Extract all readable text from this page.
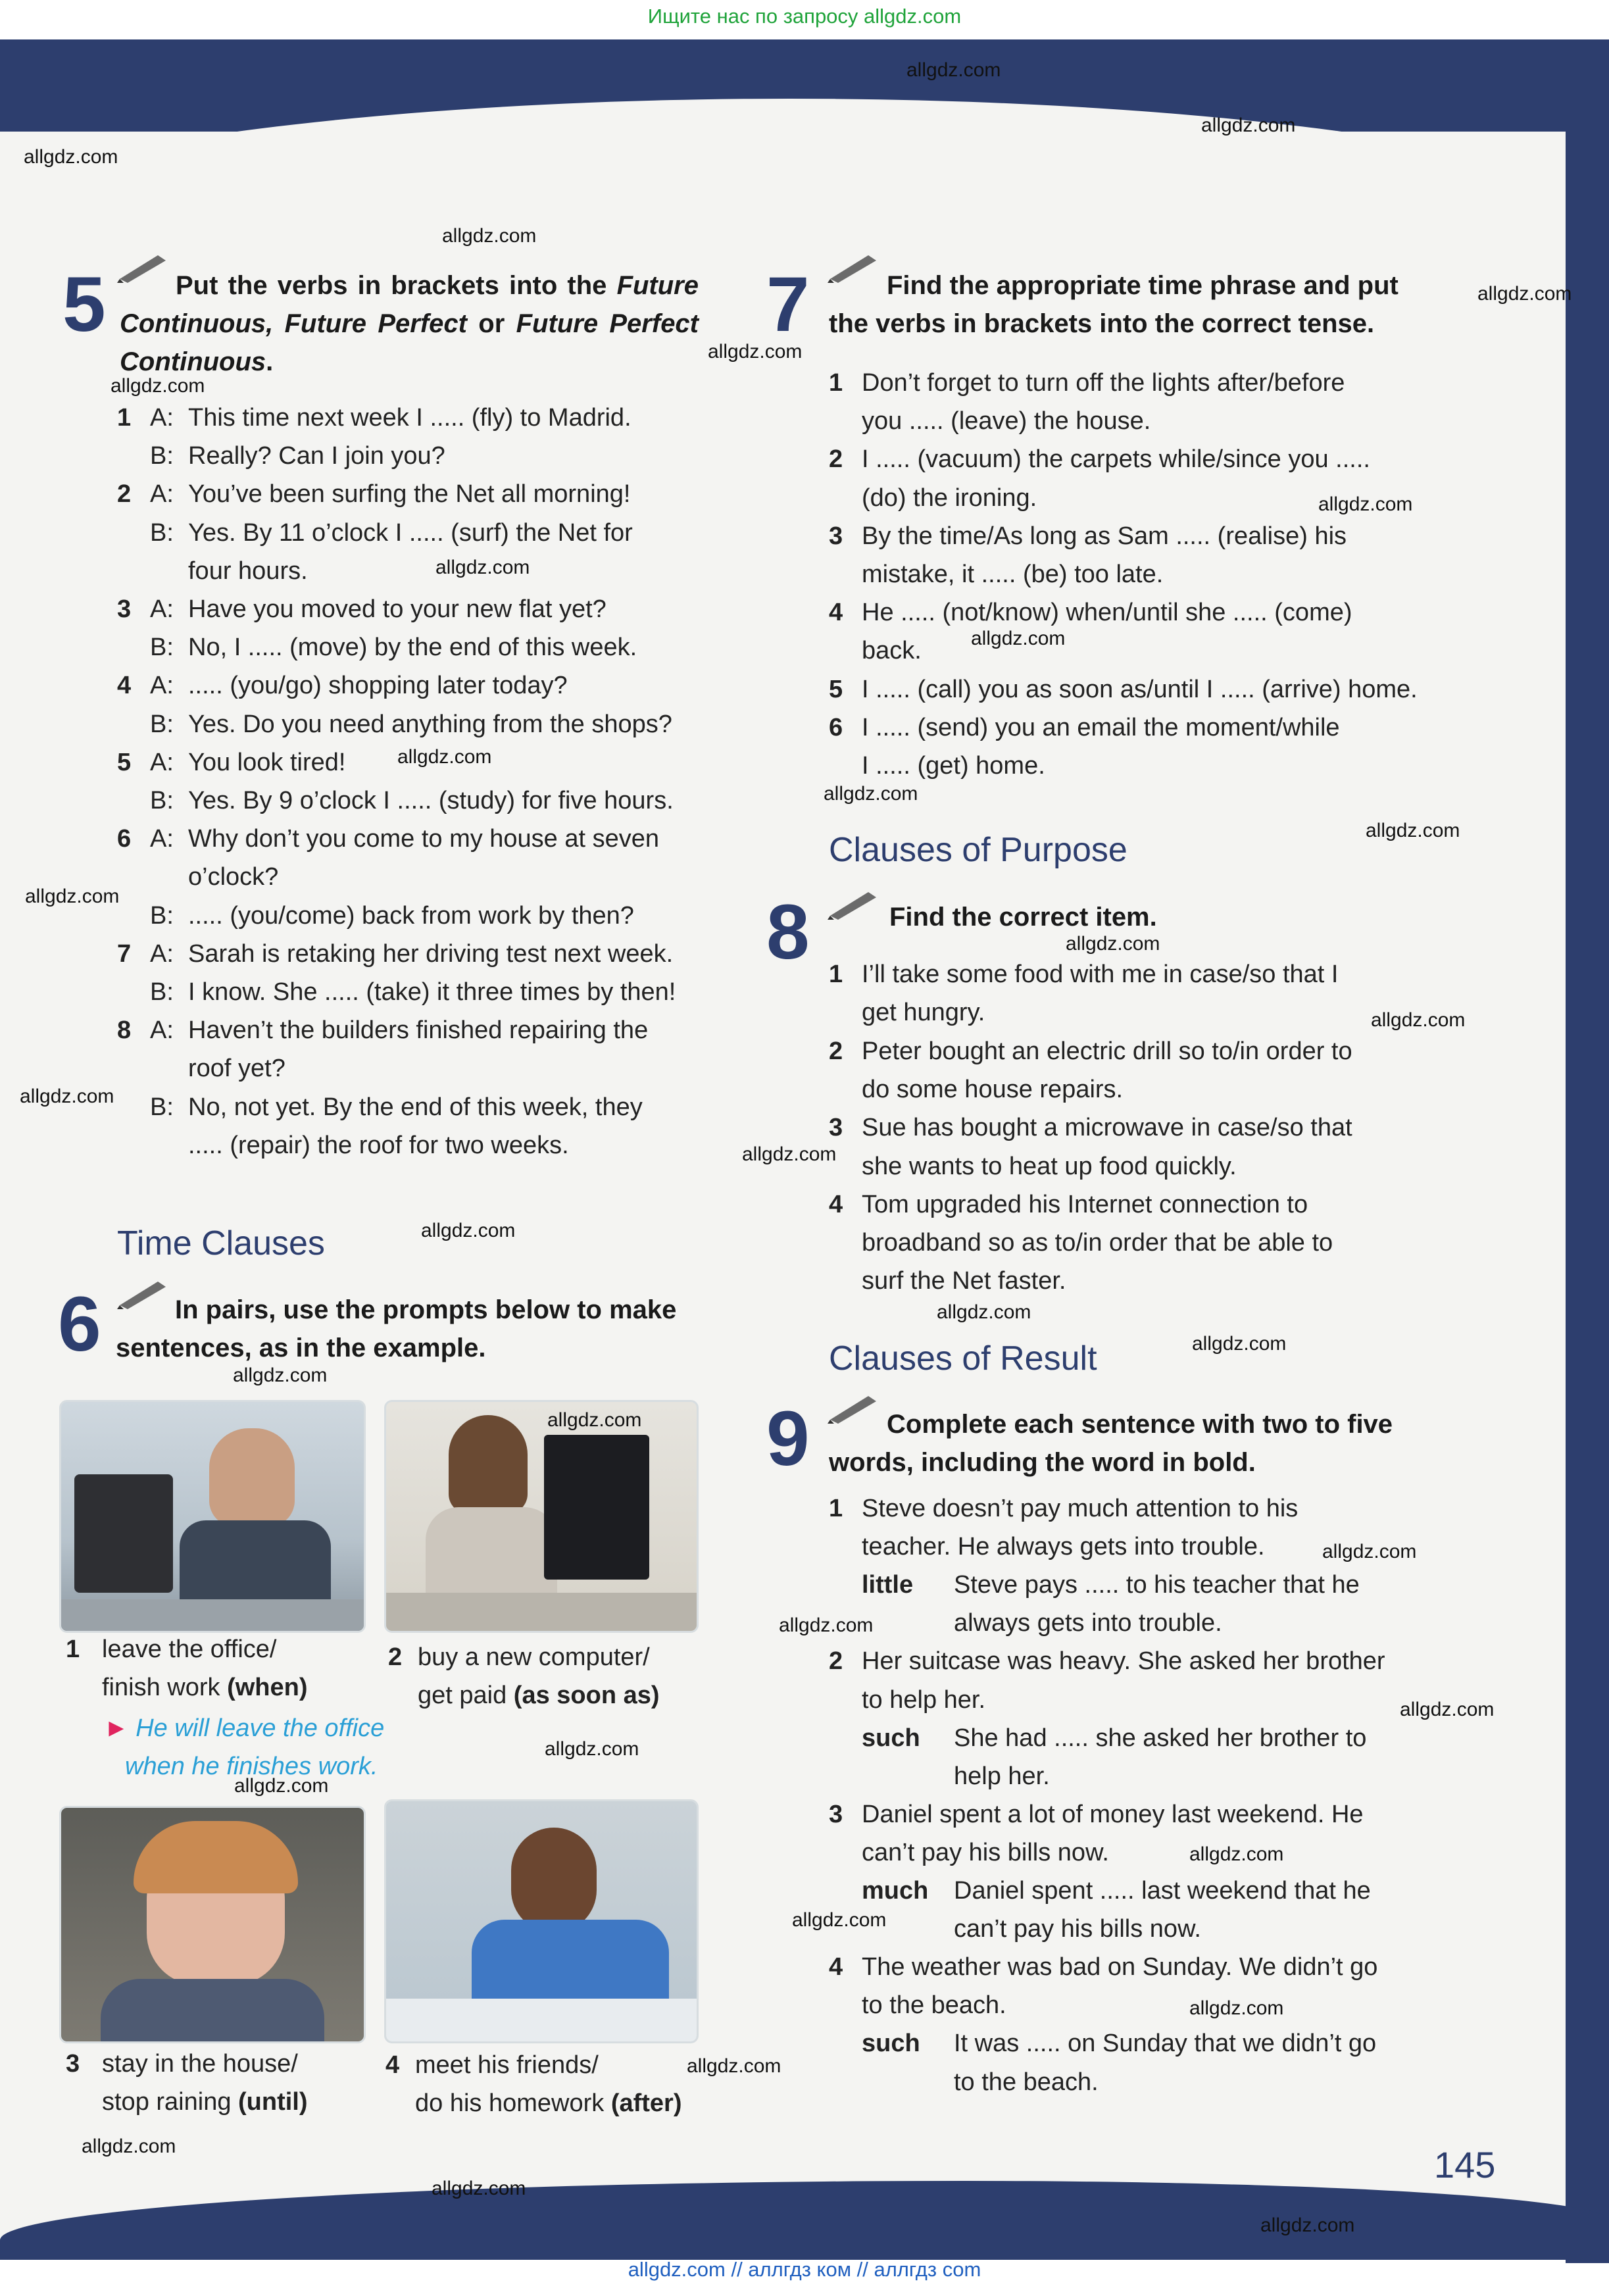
Ищите нас по запросу allgdz.com
5	Put the verbs in brackets into the Future Continuous, Future Perfect or Future Perfect Continuous.
1 A: This time next week I ..... (fly) to Madrid.
B: Really? Can I join you?
2 A: You’ve been surfing the Net all morning!
B: Yes. By 11 o’clock I ..... (surf) the Net for
four hours.
3 A: Have you moved to your new flat yet?
B: No, I ..... (move) by the end of this week.
4 A: ..... (you/go) shopping later today?
B: Yes. Do you need anything from the shops?
5 A: You look tired!
B: Yes. By 9 o’clock I ..... (study) for five hours.
6 A: Why don’t you come to my house at seven
o’clock?
B: ..... (you/come) back from work by then?
7 A: Sarah is retaking her driving test next week.
B: I know. She ..... (take) it three times by then!
8 A: Haven’t the builders finished repairing the
roof yet?
B: No, not yet. By the end of this week, they
..... (repair) the roof for two weeks.
Time Clauses
6	In pairs, use the prompts below to make sentences, as in the example.
1 leave the office/
finish work (when)
► He will leave the office
when he finishes work.
2 buy a new computer/
get paid (as soon as)
3 stay in the house/
stop raining (until)
4 meet his friends/
do his homework (after)
7	Find the appropriate time phrase and put the verbs in brackets into the correct tense.
1 Don’t forget to turn off the lights after/before
you ..... (leave) the house.
2 I ..... (vacuum) the carpets while/since you .....
(do) the ironing.
3 By the time/As long as Sam ..... (realise) his
mistake, it ..... (be) too late.
4 He ..... (not/know) when/until she ..... (come)
back.
5 I ..... (call) you as soon as/until I ..... (arrive) home.
6 I ..... (send) you an email the moment/while
I ..... (get) home.
Clauses of Purpose
8	Find the correct item.
1 I’ll take some food with me in case/so that I
get hungry.
2 Peter bought an electric drill so to/in order to
do some house repairs.
3 Sue has bought a microwave in case/so that
she wants to heat up food quickly.
4 Tom upgraded his Internet connection to
broadband so as to/in order that be able to
surf the Net faster.
Clauses of Result
9	Complete each sentence with two to five words, including the word in bold.
1 Steve doesn’t pay much attention to his
teacher. He always gets into trouble.
little Steve pays ..... to his teacher that he
always gets into trouble.
2 Her suitcase was heavy. She asked her brother
to help her.
such She had ..... she asked her brother to
help her.
3 Daniel spent a lot of money last weekend. He
can’t pay his bills now.
much Daniel spent ..... last weekend that he
can’t pay his bills now.
4 The weather was bad on Sunday. We didn’t go
to the beach.
such It was ..... on Sunday that we didn’t go
to the beach.
145
allgdz.com
allgdz.com
allgdz.com
allgdz.com
allgdz.com
allgdz.com
allgdz.com
allgdz.com
allgdz.com
allgdz.com
allgdz.com
allgdz.com
allgdz.com
allgdz.com
allgdz.com
allgdz.com
allgdz.com
allgdz.com
allgdz.com
allgdz.com
allgdz.com
allgdz.com
allgdz.com
allgdz.com
allgdz.com
allgdz.com
allgdz.com
allgdz.com
allgdz.com
allgdz.com
allgdz.com
allgdz.com
allgdz.com
allgdz.com
allgdz.com
allgdz.com // аллгдз ком // аллгдз com
